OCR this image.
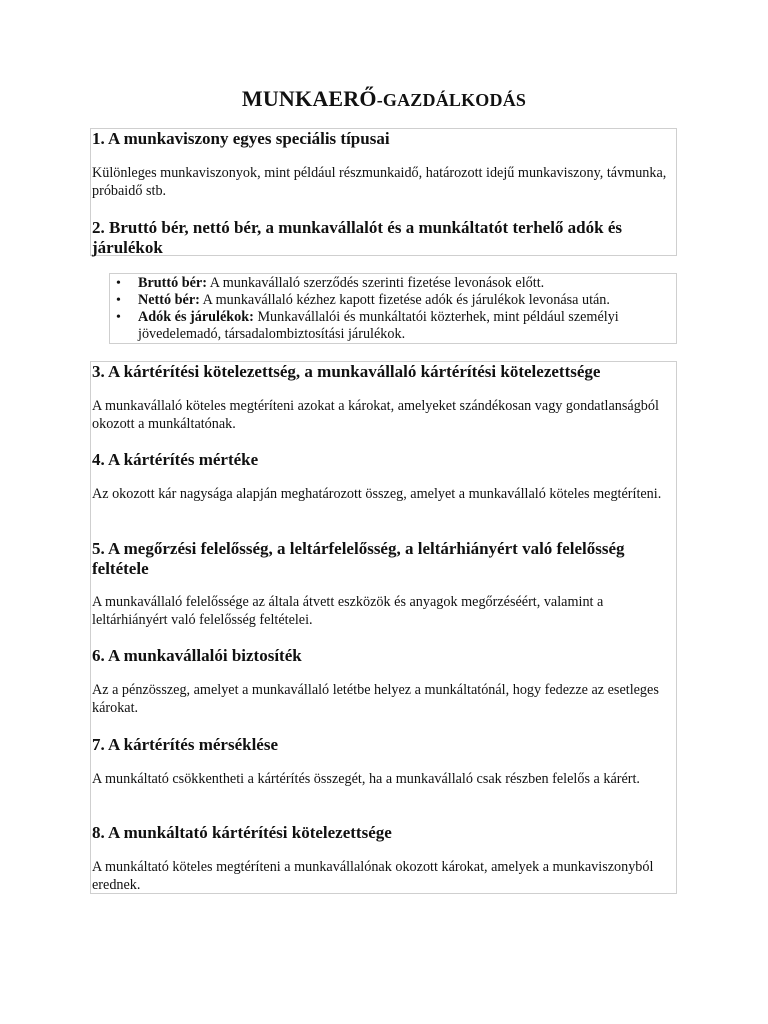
MUNKAERŐ-GAZDÁLKODÁS
1. A munkaviszony egyes speciális típusai

Különleges munkaviszonyok, mint például részmunkaidő, határozott idejű munkaviszony, távmunka, próbaidő stb.

2. Bruttó bér, nettó bér, a munkavállalót és a munkáltatót terhelő adók és járulékok
• Bruttó bér: A munkavállaló szerződés szerinti fizetése levonások előtt.
• Nettó bér: A munkavállaló kézhez kapott fizetése adók és járulékok levonása után.
• Adók és járulékok: Munkavállalói és munkáltatói közterhek, mint például személyi jövedelemadó, társadalombiztosítási járulékok.
3. A kártérítési kötelezettség, a munkavállaló kártérítési kötelezettsége

A munkavállaló köteles megtéríteni azokat a károkat, amelyeket szándékosan vagy gondatlanságból okozott a munkáltatónak.

4. A kártérítés mértéke

Az okozott kár nagysága alapján meghatározott összeg, amelyet a munkavállaló köteles megtéríteni.

5. A megőrzési felelősség, a leltárfelelősség, a leltárhiányért való felelősség feltétele

A munkavállaló felelőssége az általa átvett eszközök és anyagok megőrzéséért, valamint a leltárhiányért való felelősség feltételei.

6. A munkavállalói biztosíték

Az a pénzösszeg, amelyet a munkavállaló letétbe helyez a munkáltatónál, hogy fedezze az esetleges károkat.

7. A kártérítés mérséklése

A munkáltató csökkentheti a kártérítés összegét, ha a munkavállaló csak részben felelős a kárért.

8. A munkáltató kártérítési kötelezettsége

A munkáltató köteles megtéríteni a munkavállalónak okozott károkat, amelyek a munkaviszonyból erednek.
